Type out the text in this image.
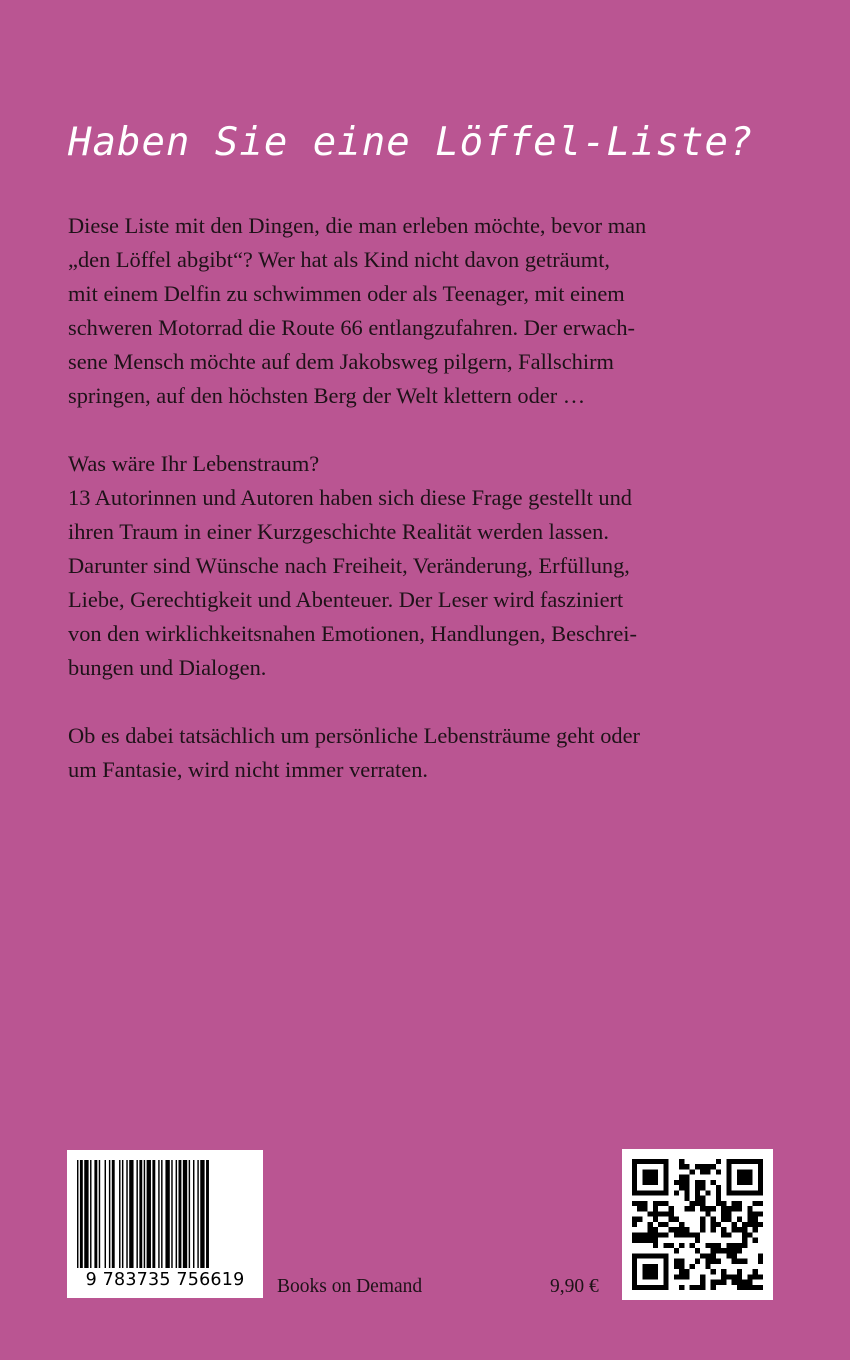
Haben Sie eine Löffel-Liste?

Diese Liste mit den Dingen, die man erleben möchte, bevor man
„den Löffel abgibt“? Wer hat als Kind nicht davon geträumt,
mit einem Delfin zu schwimmen oder als Teenager, mit einem
schweren Motorrad die Route 66 entlangzufahren. Der erwach-
sene Mensch möchte auf dem Jakobsweg pilgern, Fallschirm
springen, auf den höchsten Berg der Welt klettern oder …

Was wäre Ihr Lebenstraum?
13 Autorinnen und Autoren haben sich diese Frage gestellt und
ihren Traum in einer Kurzgeschichte Realität werden lassen.
Darunter sind Wünsche nach Freiheit, Veränderung, Erfüllung,
Liebe, Gerechtigkeit und Abenteuer. Der Leser wird fasziniert
von den wirklichkeitsnahen Emotionen, Handlungen, Beschrei-
bungen und Dialogen.

Ob es dabei tatsächlich um persönliche Lebensträume geht oder
um Fantasie, wird nicht immer verraten.

9 783735 756619	Books on Demand	9,90 €
